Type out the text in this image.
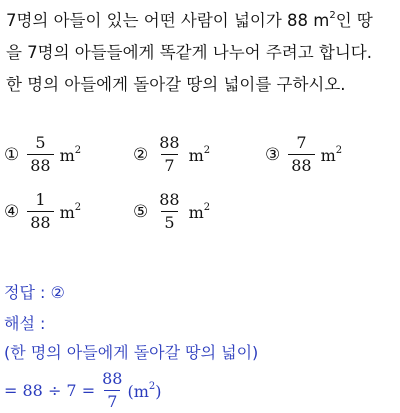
7명의 아들이 있는 어떤 사람이 넓이가 88 $m^2$인 땅

을 7명의 아들들에게 똑같게 나누어 주려고 합니다.

한 명의 아들에게 돌아갈 땅의 넓이를 구하시오.

① $\frac{5}{88} m^2$	② $\frac{88}{7} m^2$	③ $\frac{7}{88} m^2$
④ $\frac{1}{88} m^2$	⑤ $\frac{88}{5} m^2$
정답 : ②
해설 :
(한 명의 아들에게 돌아갈 땅의 넓이)
= $88 \div 7 = \frac{88}{7} (m^2)$
